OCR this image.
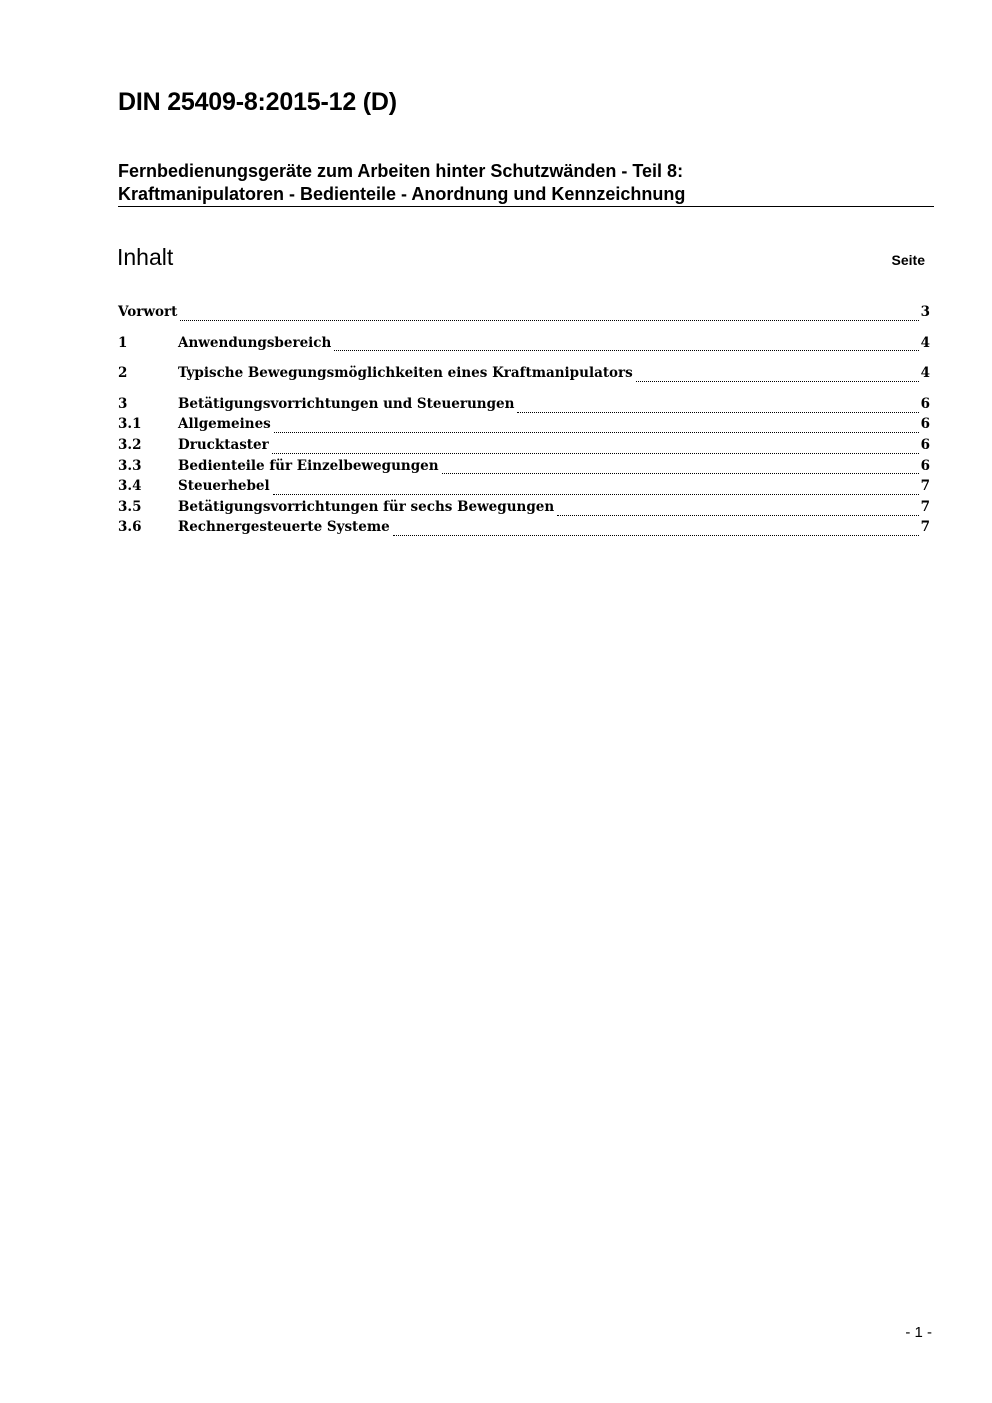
DIN 25409-8:2015-12 (D)
Fernbedienungsgeräte zum Arbeiten hinter Schutzwänden - Teil 8:
Kraftmanipulatoren - Bedienteile - Anordnung und Kennzeichnung
Inhalt	Seite
Vorwort	3
1	Anwendungsbereich	4
2	Typische Bewegungsmöglichkeiten eines Kraftmanipulators	4
3	Betätigungsvorrichtungen und Steuerungen	6
3.1	Allgemeines	6
3.2	Drucktaster	6
3.3	Bedienteile für Einzelbewegungen	6
3.4	Steuerhebel	7
3.5	Betätigungsvorrichtungen für sechs Bewegungen	7
3.6	Rechnergesteuerte Systeme	7
- 1 -
